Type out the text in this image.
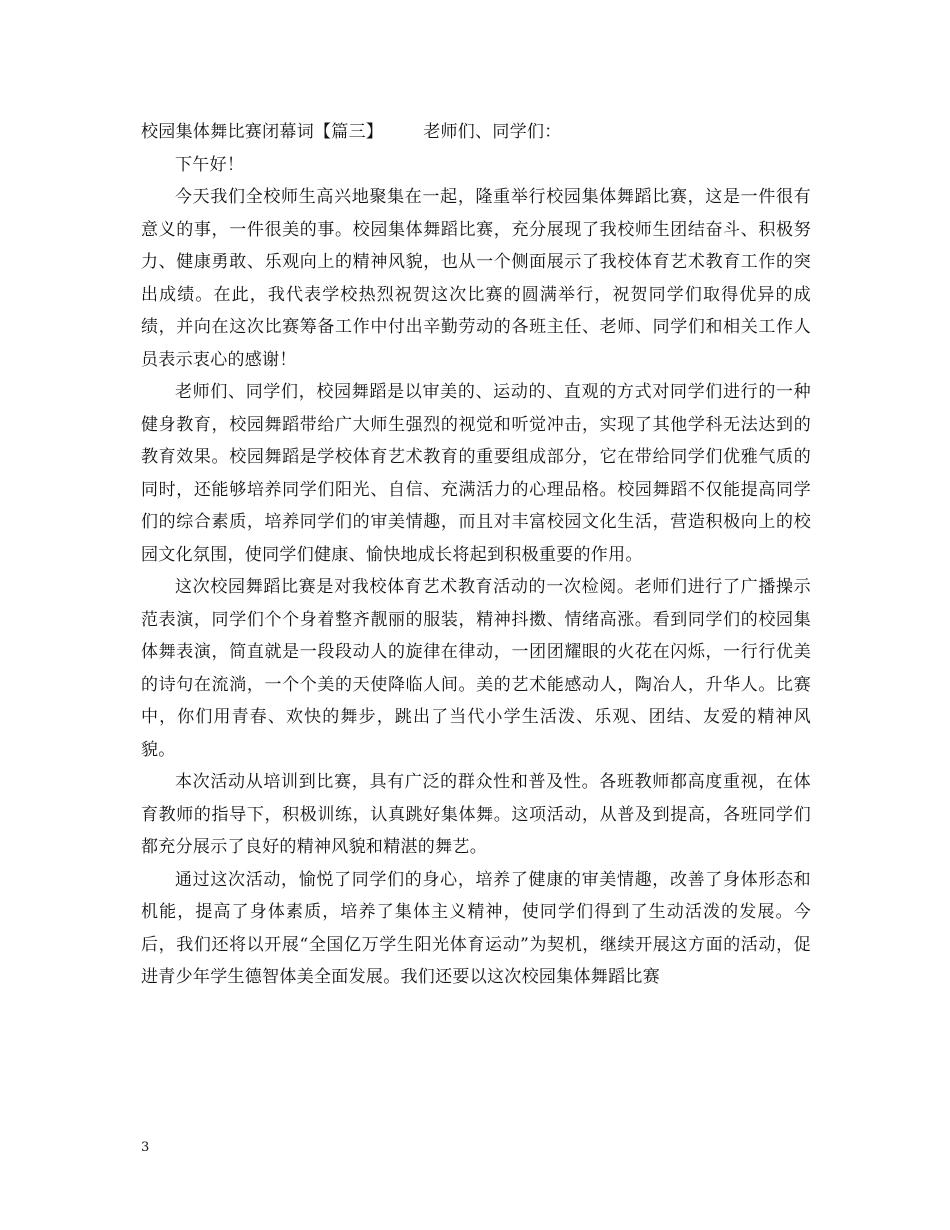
校园集体舞比赛闭幕词【篇三】 老师们、同学们：

下午好！

今天我们全校师生高兴地聚集在一起，隆重举行校园集体舞蹈比赛，这是一件很有意义的事，一件很美的事。校园集体舞蹈比赛，充分展现了我校师生团结奋斗、积极努力、健康勇敢、乐观向上的精神风貌，也从一个侧面展示了我校体育艺术教育工作的突出成绩。在此，我代表学校热烈祝贺这次比赛的圆满举行，祝贺同学们取得优异的成绩，并向在这次比赛筹备工作中付出辛勤劳动的各班主任、老师、同学们和相关工作人员表示衷心的感谢！

老师们、同学们，校园舞蹈是以审美的、运动的、直观的方式对同学们进行的一种健身教育，校园舞蹈带给广大师生强烈的视觉和听觉冲击，实现了其他学科无法达到的教育效果。校园舞蹈是学校体育艺术教育的重要组成部分，它在带给同学们优雅气质的同时，还能够培养同学们阳光、自信、充满活力的心理品格。校园舞蹈不仅能提高同学们的综合素质，培养同学们的审美情趣，而且对丰富校园文化生活，营造积极向上的校园文化氛围，使同学们健康、愉快地成长将起到积极重要的作用。

这次校园舞蹈比赛是对我校体育艺术教育活动的一次检阅。老师们进行了广播操示范表演，同学们个个身着整齐靓丽的服装，精神抖擞、情绪高涨。看到同学们的校园集体舞表演，简直就是一段段动人的旋律在律动，一团团耀眼的火花在闪烁，一行行优美的诗句在流淌，一个个美的天使降临人间。美的艺术能感动人，陶冶人，升华人。比赛中，你们用青春、欢快的舞步，跳出了当代小学生活泼、乐观、团结、友爱的精神风貌。

本次活动从培训到比赛，具有广泛的群众性和普及性。各班教师都高度重视，在体育教师的指导下，积极训练，认真跳好集体舞。这项活动，从普及到提高，各班同学们都充分展示了良好的精神风貌和精湛的舞艺。

通过这次活动，愉悦了同学们的身心，培养了健康的审美情趣，改善了身体形态和机能，提高了身体素质，培养了集体主义精神，使同学们得到了生动活泼的发展。今后，我们还将以开展“全国亿万学生阳光体育运动”为契机，继续开展这方面的活动，促进青少年学生德智体美全面发展。我们还要以这次校园集体舞蹈比赛

3
